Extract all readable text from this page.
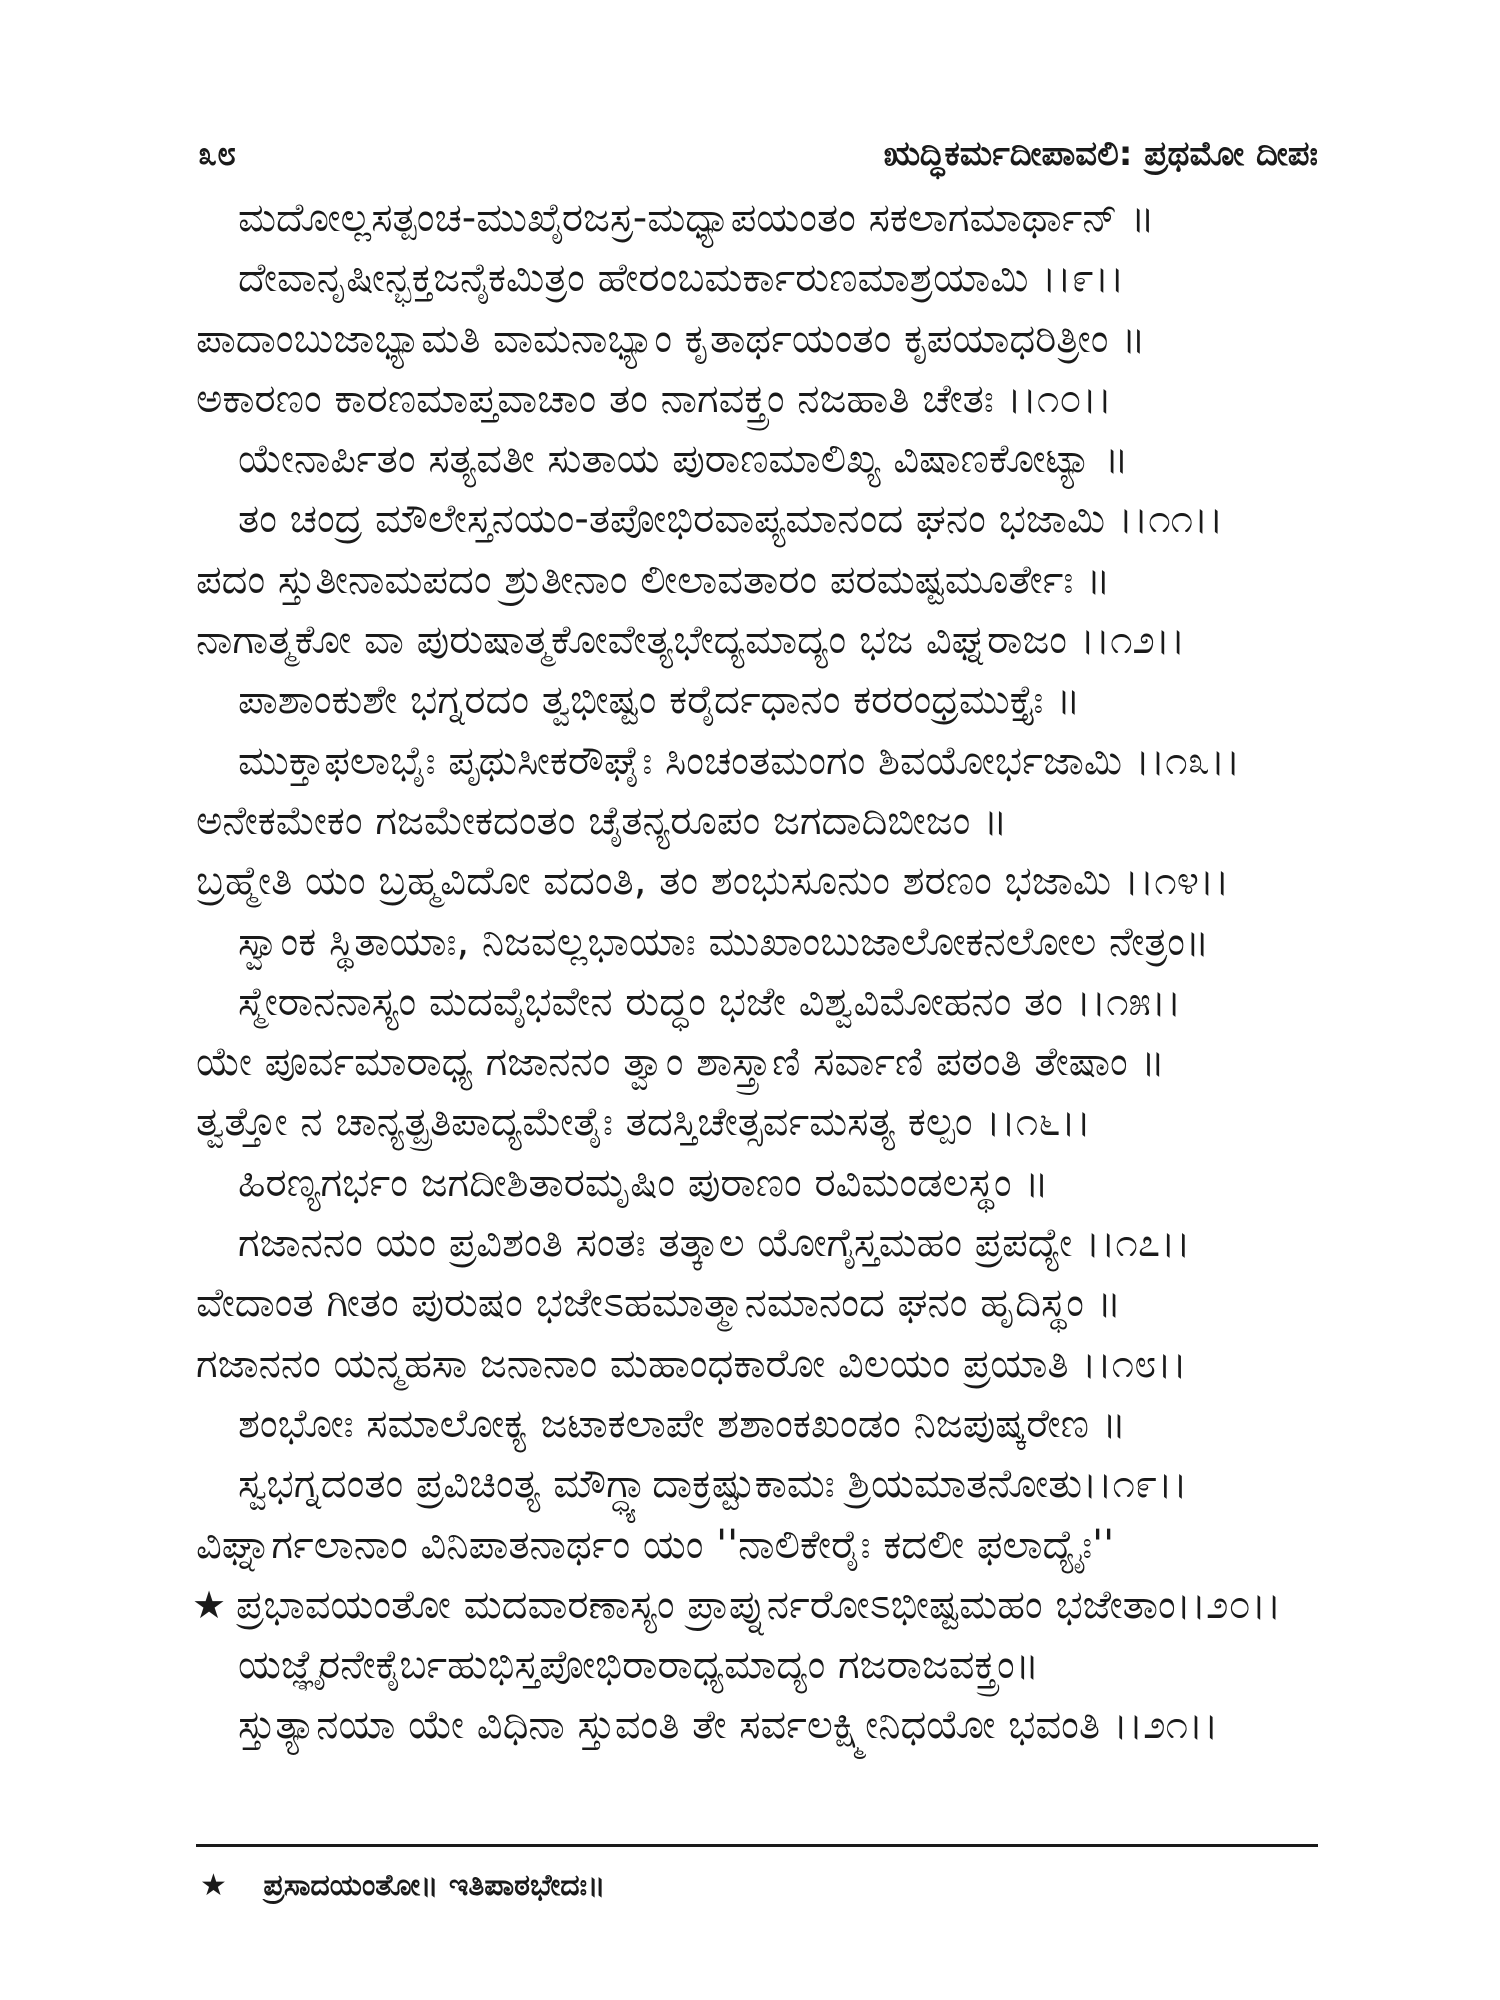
೩೮	ಋದ್ಧಿಕರ್ಮದೀಪಾವಲಿ: ಪ್ರಥಮೋ ದೀಪಃ
ಮದೋಲ್ಲಸತ್ಪಂಚ-ಮುಖೈರಜಸ್ರ-ಮಧ್ಯಾಪಯಂತಂ ಸಕಲಾಗಮಾರ್ಥಾನ್ ॥
ದೇವಾನೃಷೀನ್ಭಕ್ತಜನೈಕಮಿತ್ರಂ ಹೇರಂಬಮರ್ಕಾರುಣಮಾಶ್ರಯಾಮಿ ।।೯।।
ಪಾದಾಂಬುಜಾಭ್ಯಾಮತಿ ವಾಮನಾಭ್ಯಾಂ ಕೃತಾರ್ಥಯಂತಂ ಕೃಪಯಾಧರಿತ್ರೀಂ ॥
ಅಕಾರಣಂ ಕಾರಣಮಾಪ್ತವಾಚಾಂ ತಂ ನಾಗವಕ್ತ್ರಂ ನಜಹಾತಿ ಚೇತಃ ।।೧೦।।
ಯೇನಾರ್ಪಿತಂ ಸತ್ಯವತೀ ಸುತಾಯ ಪುರಾಣಮಾಲಿಖ್ಯ ವಿಷಾಣಕೋಟ್ಯಾ ॥
ತಂ ಚಂದ್ರ ಮೌಲೇಸ್ತನಯಂ-ತಪೋಭಿರವಾಪ್ಯಮಾನಂದ ಘನಂ ಭಜಾಮಿ ।।೧೧।।
ಪದಂ ಸ್ತುತೀನಾಮಪದಂ ಶ್ರುತೀನಾಂ ಲೀಲಾವತಾರಂ ಪರಮಷ್ಟಮೂರ್ತೇಃ ॥
ನಾಗಾತ್ಮಕೋ ವಾ ಪುರುಷಾತ್ಮಕೋವೇತ್ಯಭೇದ್ಯಮಾದ್ಯಂ ಭಜ ವಿಘ್ನರಾಜಂ ।।೧೨।।
ಪಾಶಾಂಕುಶೇ ಭಗ್ನರದಂ ತ್ವಭೀಷ್ಟಂ ಕರೈರ್ದಧಾನಂ ಕರರಂಧ್ರಮುಕ್ತೈಃ ॥
ಮುಕ್ತಾಫಲಾಭೈಃ ಪೃಥುಸೀಕರೌಘೈಃ ಸಿಂಚಂತಮಂಗಂ ಶಿವಯೋರ್ಭಜಾಮಿ ।।೧೩।।
ಅನೇಕಮೇಕಂ ಗಜಮೇಕದಂತಂ ಚೈತನ್ಯರೂಪಂ ಜಗದಾದಿಬೀಜಂ ॥
ಬ್ರಹ್ಮೇತಿ ಯಂ ಬ್ರಹ್ಮವಿದೋ ವದಂತಿ, ತಂ ಶಂಭುಸೂನುಂ ಶರಣಂ ಭಜಾಮಿ ।।೧೪।।
ಸ್ವಾಂಕ ಸ್ಥಿತಾಯಾಃ, ನಿಜವಲ್ಲಭಾಯಾಃ ಮುಖಾಂಬುಜಾಲೋಕನಲೋಲ ನೇತ್ರಂ॥
ಸ್ಮೇರಾನನಾಸ್ಯಂ ಮದವೈಭವೇನ ರುದ್ಧಂ ಭಜೇ ವಿಶ್ವವಿಮೋಹನಂ ತಂ ।।೧೫।।
ಯೇ ಪೂರ್ವಮಾರಾಧ್ಯ ಗಜಾನನಂ ತ್ವಾಂ ಶಾಸ್ತ್ರಾಣಿ ಸರ್ವಾಣಿ ಪಠಂತಿ ತೇಷಾಂ ॥
ತ್ವತ್ತೋ ನ ಚಾನ್ಯತ್ಪ್ರತಿಪಾದ್ಯಮೇತೈಃ ತದಸ್ತಿಚೇತ್ಸರ್ವಮಸತ್ಯ ಕಲ್ಪಂ ।।೧೬।।
ಹಿರಣ್ಯಗರ್ಭಂ ಜಗದೀಶಿತಾರಮೃಷಿಂ ಪುರಾಣಂ ರವಿಮಂಡಲಸ್ಥಂ ॥
ಗಜಾನನಂ ಯಂ ಪ್ರವಿಶಂತಿ ಸಂತಃ ತತ್ಕಾಲ ಯೋಗೈಸ್ತಮಹಂ ಪ್ರಪದ್ಯೇ ।।೧೭।।
ವೇದಾಂತ ಗೀತಂ ಪುರುಷಂ ಭಜೇಽಹಮಾತ್ಮಾನಮಾನಂದ ಘನಂ ಹೃದಿಸ್ಥಂ ॥
ಗಜಾನನಂ ಯನ್ಮಹಸಾ ಜನಾನಾಂ ಮಹಾಂಧಕಾರೋ ವಿಲಯಂ ಪ್ರಯಾತಿ ।।೧೮।।
ಶಂಭೋಃ ಸಮಾಲೋಕ್ಯ ಜಟಾಕಲಾಪೇ ಶಶಾಂಕಖಂಡಂ ನಿಜಪುಷ್ಕರೇಣ ॥
ಸ್ವಭಗ್ನದಂತಂ ಪ್ರವಿಚಿಂತ್ಯ ಮೌಗ್ಧ್ಯಾದಾಕ್ರಷ್ಟುಕಾಮಃ ಶ್ರಿಯಮಾತನೋತು।।೧೯।।
ವಿಘ್ನಾರ್ಗಲಾನಾಂ ವಿನಿಪಾತನಾರ್ಥಂ ಯಂ ''ನಾಲಿಕೇರೈಃ ಕದಲೀ ಫಲಾದ್ಯೈಃ''
★ ಪ್ರಭಾವಯಂತೋ ಮದವಾರಣಾಸ್ಯಂ ಪ್ರಾಪ್ನುರ್ನರೋಽಭೀಷ್ಟಮಹಂ ಭಜೇತಾಂ।।೨೦।।
ಯಜ್ಞೈರನೇಕೈರ್ಬಹುಭಿಸ್ತಪೋಭಿರಾರಾಧ್ಯಮಾದ್ಯಂ ಗಜರಾಜವಕ್ತ್ರಂ॥
ಸ್ತುತ್ಯಾನಯಾ ಯೇ ವಿಧಿನಾ ಸ್ತುವಂತಿ ತೇ ಸರ್ವಲಕ್ಷ್ಮೀನಿಧಯೋ ಭವಂತಿ ।।೨೧।।
★ ಪ್ರಸಾದಯಂತೋ॥ ಇತಿಪಾಠಭೇದಃ॥
